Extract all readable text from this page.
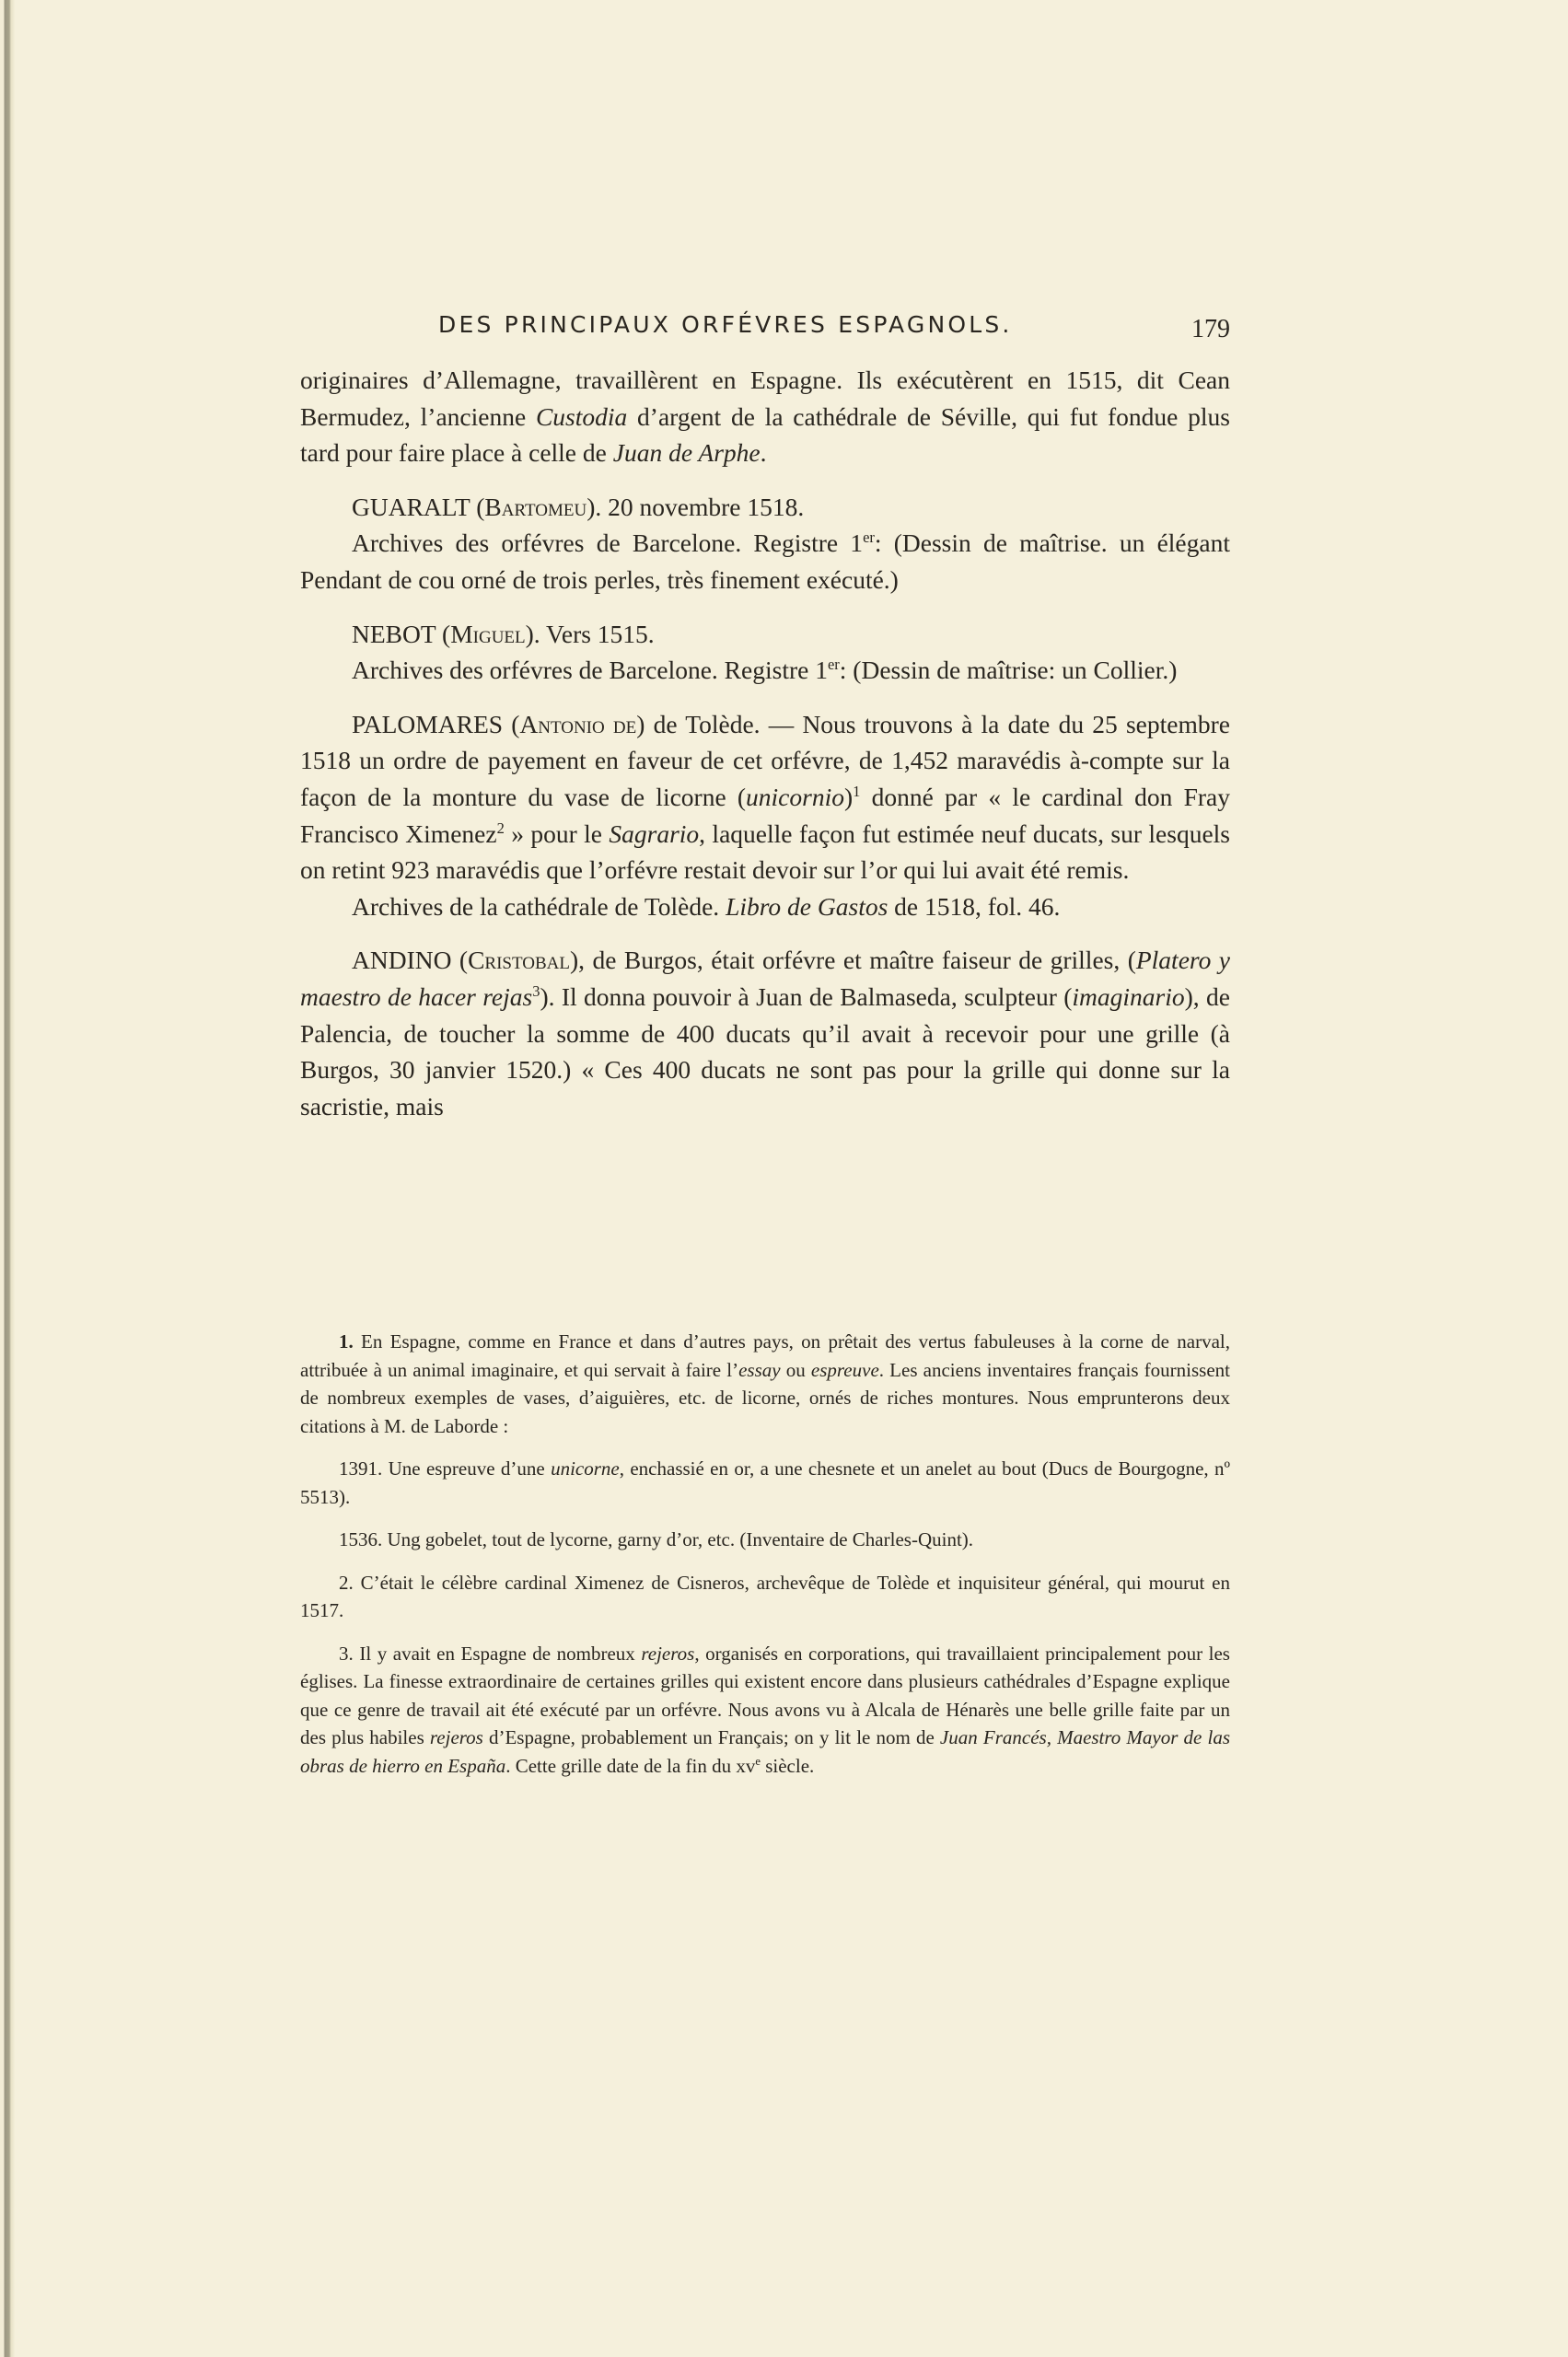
DES PRINCIPAUX ORFÉVRES ESPAGNOLS.	179

originaires d’Allemagne, travaillèrent en Espagne. Ils exécutèrent en 1515, dit Cean Bermudez, l’ancienne Custodia d’argent de la cathédrale de Séville, qui fut fondue plus tard pour faire place à celle de Juan de Arphe.

GUARALT (Bartomeu). 20 novembre 1518.

Archives des orfévres de Barcelone. Registre 1er: (Dessin de maîtrise. un élégant Pendant de cou orné de trois perles, très finement exécuté.)

NEBOT (Miguel). Vers 1515.

Archives des orfévres de Barcelone. Registre 1er: (Dessin de maîtrise: un Collier.)

PALOMARES (Antonio de) de Tolède. — Nous trouvons à la date du 25 septembre 1518 un ordre de payement en faveur de cet orfévre, de 1,452 maravédis à-compte sur la façon de la monture du vase de licorne (unicornio)$^1$ donné par « le cardinal don Fray Francisco Ximenez$^2$ » pour le Sagrario, laquelle façon fut estimée neuf ducats, sur lesquels on retint 923 maravédis que l’orfévre restait devoir sur l’or qui lui avait été remis.

Archives de la cathédrale de Tolède. Libro de Gastos de 1518, fol. 46.

ANDINO (Cristobal), de Burgos, était orfévre et maître faiseur de grilles, (Platero y maestro de hacer rejas$^3$). Il donna pouvoir à Juan de Balmaseda, sculpteur (imaginario), de Palencia, de toucher la somme de 400 ducats qu’il avait à recevoir pour une grille (à Burgos, 30 janvier 1520.) « Ces 400 ducats ne sont pas pour la grille qui donne sur la sacristie, mais

1. En Espagne, comme en France et dans d’autres pays, on prêtait des vertus fabuleuses à la corne de narval, attribuée à un animal imaginaire, et qui servait à faire l’essay ou espreuve. Les anciens inventaires français fournissent de nombreux exemples de vases, d’aiguières, etc. de licorne, ornés de riches montures. Nous emprunterons deux citations à M. de Laborde :

1391. Une espreuve d’une unicorne, enchassié en or, a une chesnete et un anelet au bout (Ducs de Bourgogne, nº 5513).

1536. Ung gobelet, tout de lycorne, garny d’or, etc. (Inventaire de Charles-Quint).

2. C’était le célèbre cardinal Ximenez de Cisneros, archevêque de Tolède et inquisiteur général, qui mourut en 1517.

3. Il y avait en Espagne de nombreux rejeros, organisés en corporations, qui travaillaient principalement pour les églises. La finesse extraordinaire de certaines grilles qui existent encore dans plusieurs cathédrales d’Espagne explique que ce genre de travail ait été exécuté par un orfévre. Nous avons vu à Alcala de Hénarès une belle grille faite par un des plus habiles rejeros d’Espagne, probablement un Français; on y lit le nom de Juan Francés, Maestro Mayor de las obras de hierro en España. Cette grille date de la fin du $xv^e$ siècle.
